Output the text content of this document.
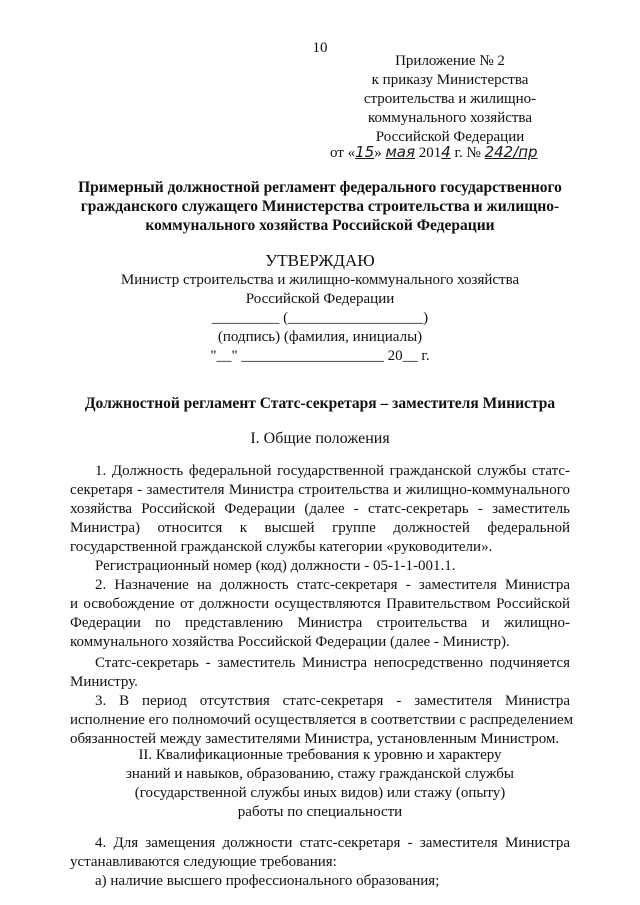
10
Приложение № 2
к приказу Министерства
строительства и жилищно-
коммунального хозяйства
Российской Федерации
от «15» мая 2014 г. № 242/пр
Примерный должностной регламент федерального государственного
гражданского служащего Министерства строительства и жилищно-
коммунального хозяйства Российской Федерации
УТВЕРЖДАЮ
Министр строительства и жилищно-коммунального хозяйства
Российской Федерации
_________ (__________________)
(подпись) (фамилия, инициалы)
"__" ___________________ 20__ г.
Должностной регламент Статс-секретаря – заместителя Министра
I. Общие положения
1. Должность федеральной государственной гражданской службы статс-
секретаря - заместителя Министра строительства и жилищно-коммунального
хозяйства Российской Федерации (далее - статс-секретарь - заместитель
Министра) относится к высшей группе должностей федеральной
государственной гражданской службы категории «руководители».
Регистрационный номер (код) должности - 05-1-1-001.1.
2. Назначение на должность статс-секретаря - заместителя Министра
и освобождение от должности осуществляются Правительством Российской
Федерации по представлению Министра строительства и жилищно-
коммунального хозяйства Российской Федерации (далее - Министр).
Статс-секретарь - заместитель Министра непосредственно подчиняется
Министру.
3. В период отсутствия статс-секретаря - заместителя Министра
исполнение его полномочий осуществляется в соответствии с распределением
обязанностей между заместителями Министра, установленным Министром.
II. Квалификационные требования к уровню и характеру
знаний и навыков, образованию, стажу гражданской службы
(государственной службы иных видов) или стажу (опыту)
работы по специальности
4. Для замещения должности статс-секретаря - заместителя Министра
устанавливаются следующие требования:
а) наличие высшего профессионального образования;
